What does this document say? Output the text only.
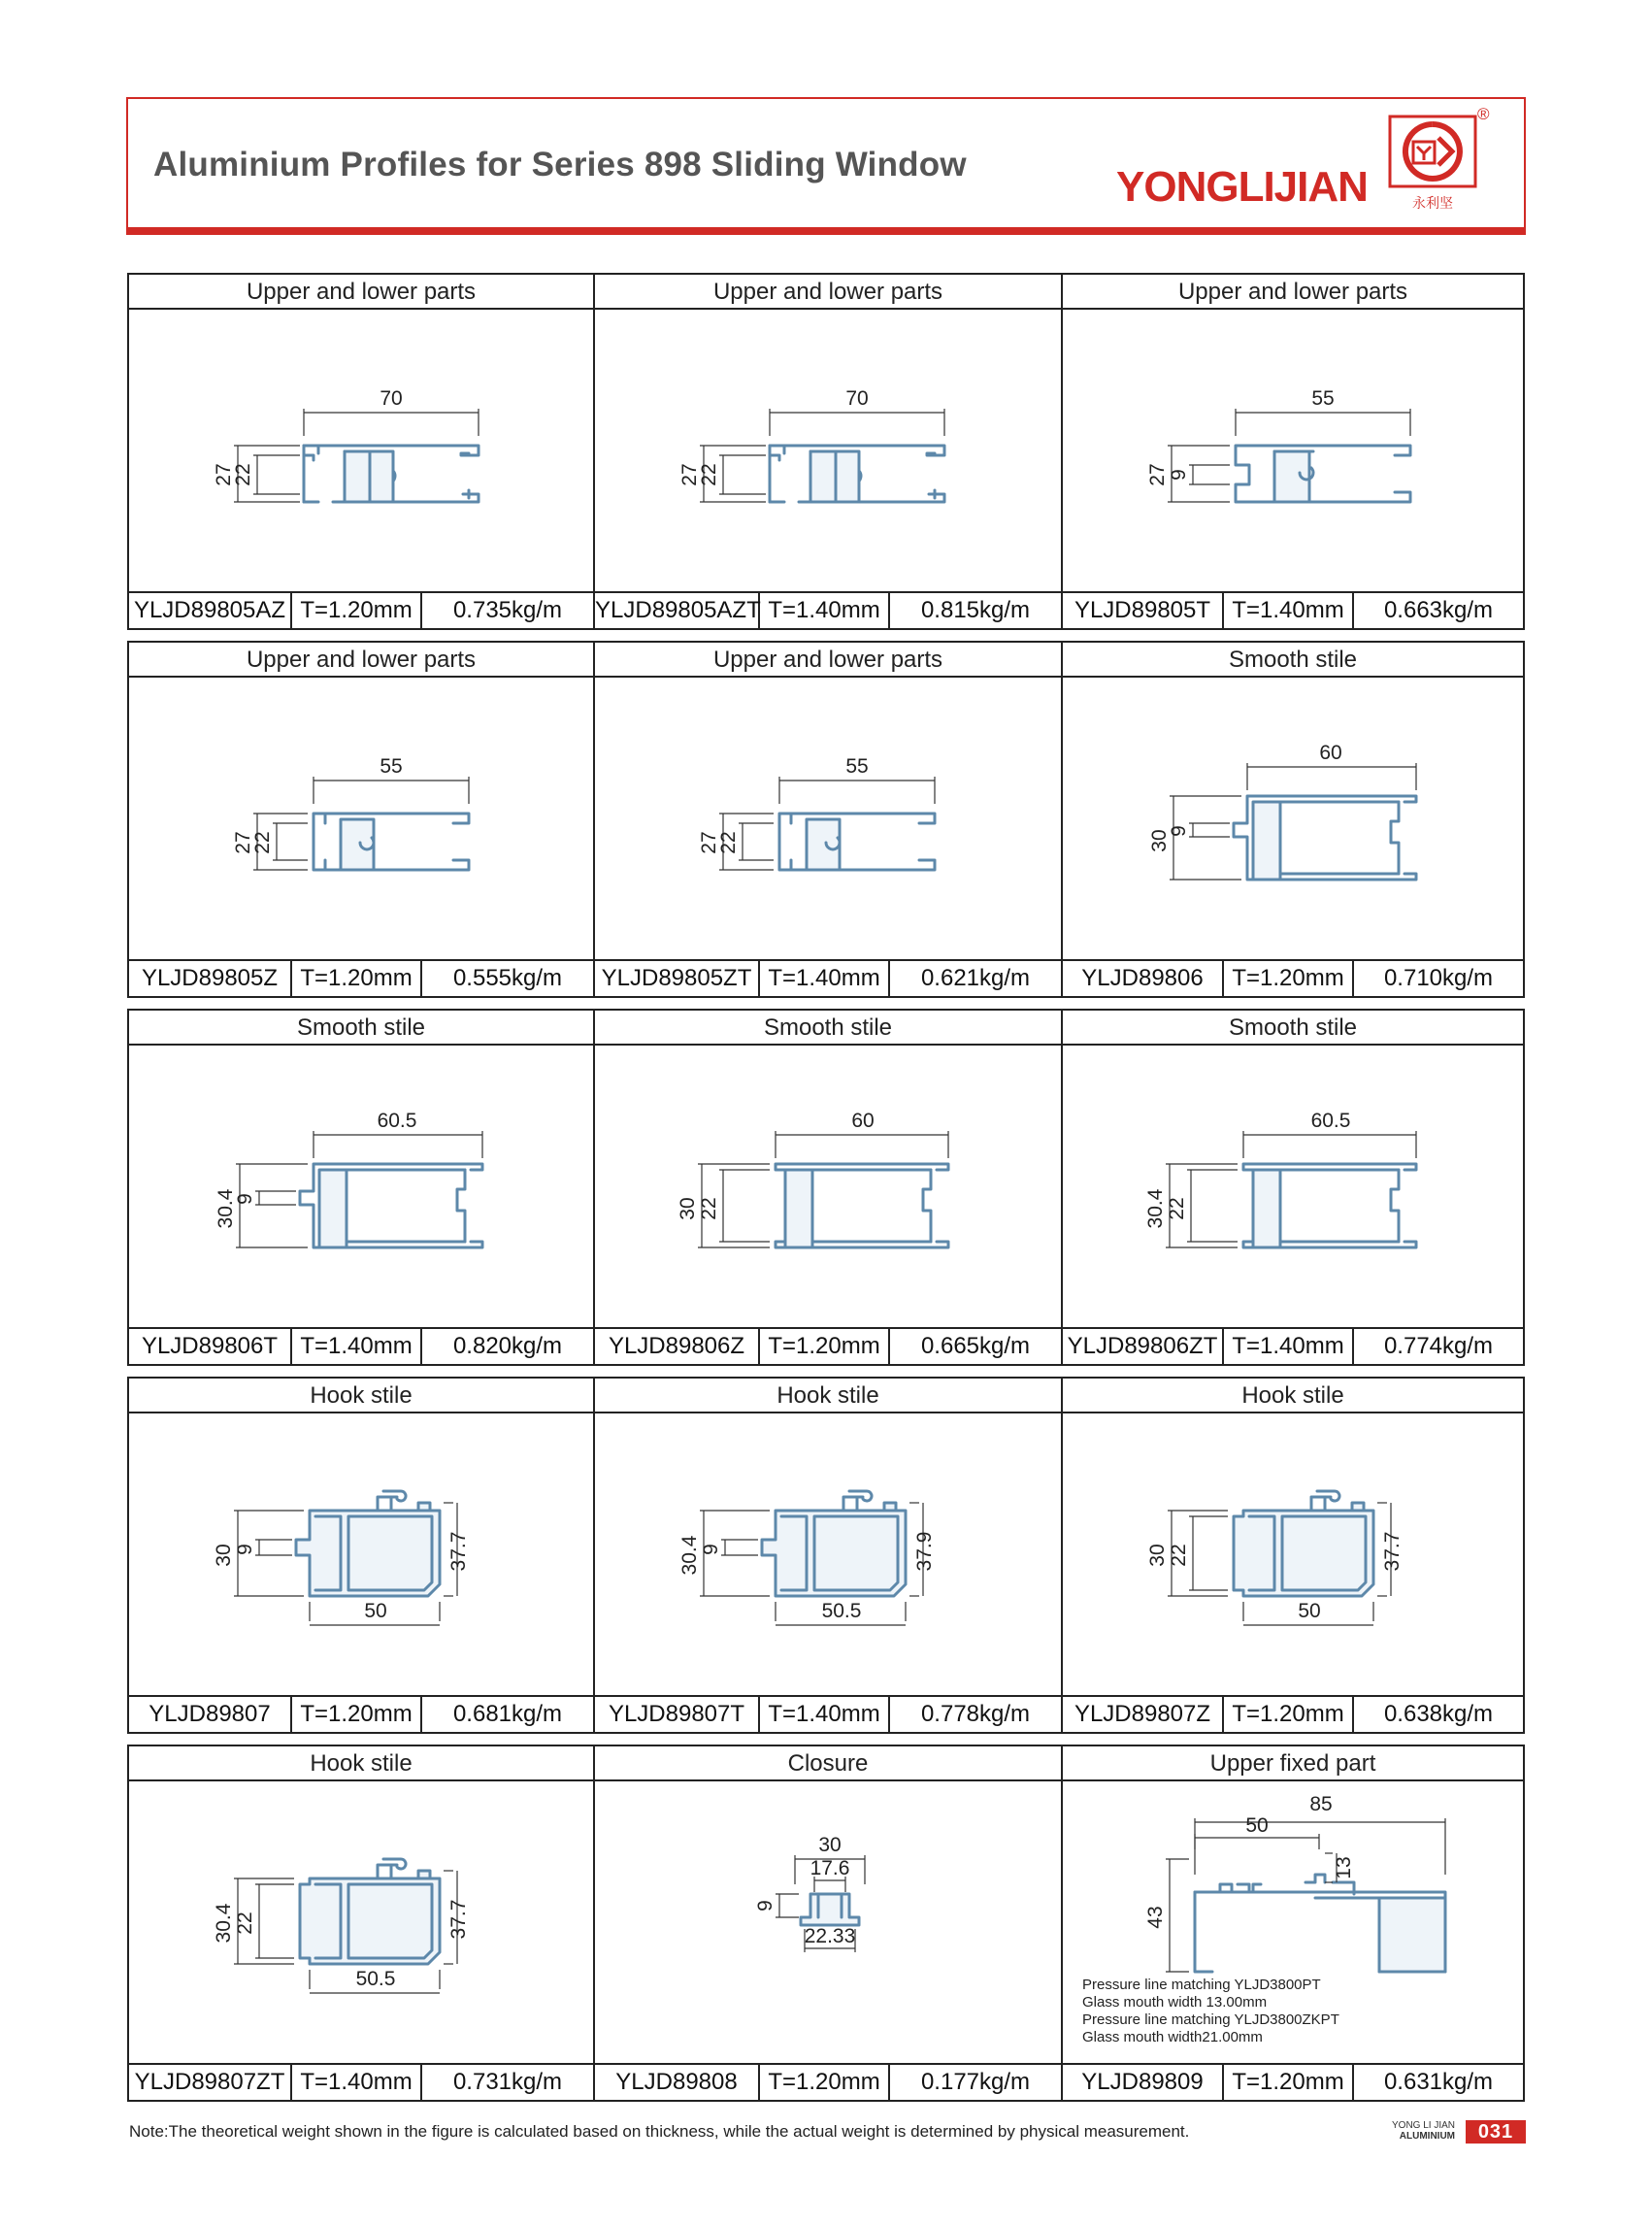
Aluminium Profiles for Series 898 Sliding Window	YONGLIJIAN	永利坚
®
Upper and lower parts
70
27
22
YLJD89805AZ T=1.20mm	0.735kg/m
Upper and lower parts
70
27
22
YLJD89805AZT T=1.40mm	0.815kg/m
Upper and lower parts
55
27 9
YLJD89805T T=1.40mm	0.663kg/m
Upper and lower parts
55
27
22
YLJD89805Z T=1.20mm	0.555kg/m
Upper and lower parts
55
27
22
YLJD89805ZT T=1.40mm	0.621kg/m
Smooth stile
60
30
9
YLJD89806	T=1.20mm	0.710kg/m
Smooth stile
60.5
30.4
9
YLJD89806T T=1.40mm	0.820kg/m
Smooth stile
60
30 22
YLJD89806Z	T=1.20mm	0.665kg/m
Smooth stile
60.5
30.4 22
YLJD89806ZT T=1.40mm	0.774kg/m
Hook stile
50
37.7
30 9
YLJD89807	T=1.20mm	0.681kg/m
Hook stile
50.5
37.9
30.4 9
YLJD89807T	T=1.40mm	0.778kg/m
Hook stile
50
37.7
30 22
YLJD89807Z T=1.20mm	0.638kg/m
Hook stile
50.5
37.7
30.4 22
YLJD89807ZT T=1.40mm	0.731kg/m
Closure
30
17.6
9
22.33
YLJD89808	T=1.20mm	0.177kg/m
Upper fixed part
85
50
13
43
Pressure line matching YLJD3800PT
Glass mouth width 13.00mm
Pressure line matching YLJD3800ZKPT
Glass mouth width21.00mm
YLJD89809	T=1.20mm	0.631kg/m
Note:The theoretical weight shown in the figure is calculated based on thickness, while the actual weight is determined by physical measurement.	YONG LI JIAN
ALUMINIUM	031
